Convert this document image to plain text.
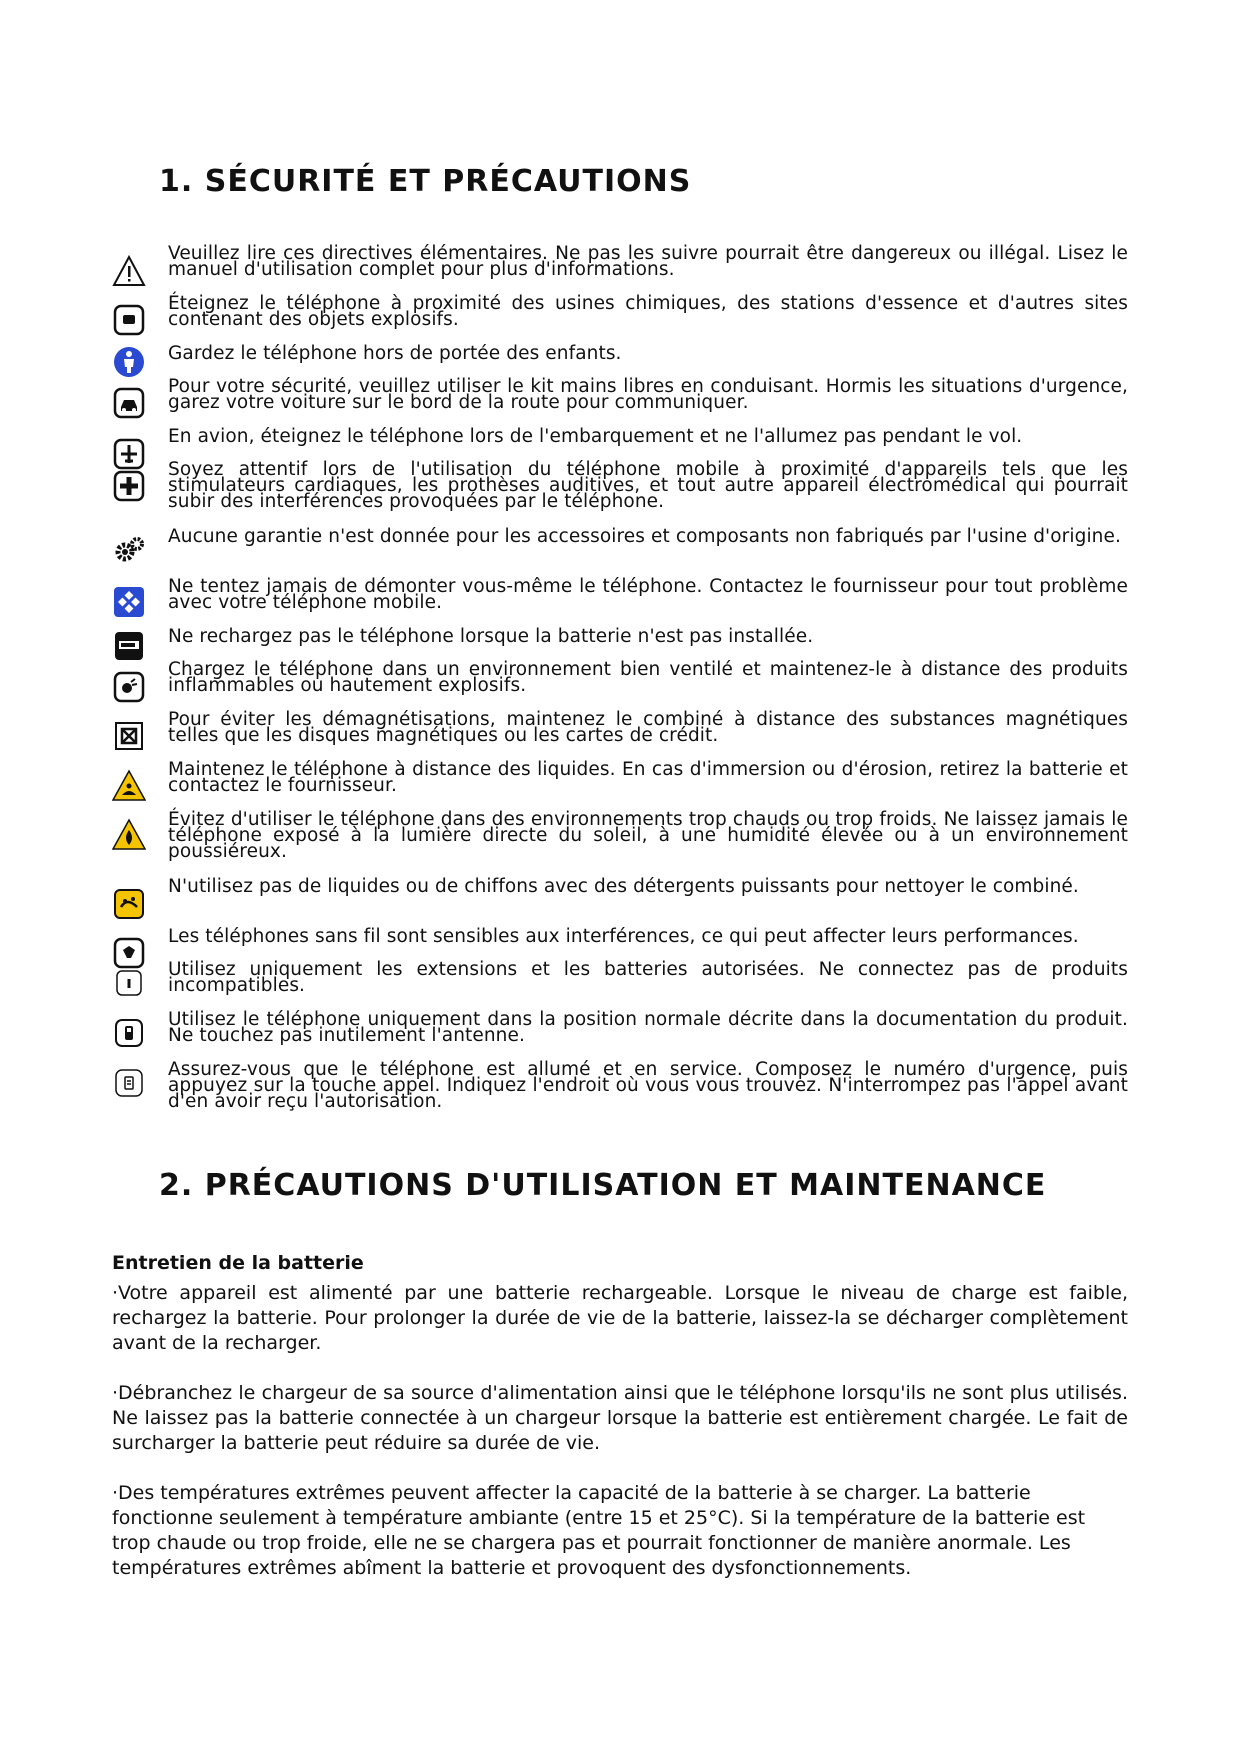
1. SÉCURITÉ ET PRÉCAUTIONS
Veuillez lire ces directives élémentaires. Ne pas les suivre pourrait être dangereux ou illégal. Lisez le manuel d'utilisation complet pour plus d'informations.
Éteignez le téléphone à proximité des usines chimiques, des stations d'essence et d'autres sites contenant des objets explosifs.
Gardez le téléphone hors de portée des enfants.
Pour votre sécurité, veuillez utiliser le kit mains libres en conduisant. Hormis les situations d'urgence, garez votre voiture sur le bord de la route pour communiquer.
En avion, éteignez le téléphone lors de l'embarquement et ne l'allumez pas pendant le vol.
Soyez attentif lors de l'utilisation du téléphone mobile à proximité d'appareils tels que les stimulateurs cardiaques, les prothèses auditives, et tout autre appareil électromédical qui pourrait subir des interférences provoquées par le téléphone.
Aucune garantie n'est donnée pour les accessoires et composants non fabriqués par l'usine d'origine.
Ne tentez jamais de démonter vous-même le téléphone. Contactez le fournisseur pour tout problème avec votre téléphone mobile.
Ne rechargez pas le téléphone lorsque la batterie n'est pas installée.
Chargez le téléphone dans un environnement bien ventilé et maintenez-le à distance des produits inflammables ou hautement explosifs.
Pour éviter les démagnétisations, maintenez le combiné à distance des substances magnétiques telles que les disques magnétiques ou les cartes de crédit.
Maintenez le téléphone à distance des liquides. En cas d'immersion ou d'érosion, retirez la batterie et contactez le fournisseur.
Évitez d'utiliser le téléphone dans des environnements trop chauds ou trop froids. Ne laissez jamais le téléphone exposé à la lumière directe du soleil, à une humidité élevée ou à un environnement poussiéreux.
N'utilisez pas de liquides ou de chiffons avec des détergents puissants pour nettoyer le combiné.
Les téléphones sans fil sont sensibles aux interférences, ce qui peut affecter leurs performances.
Utilisez uniquement les extensions et les batteries autorisées. Ne connectez pas de produits incompatibles.
Utilisez le téléphone uniquement dans la position normale décrite dans la documentation du produit. Ne touchez pas inutilement l'antenne.
Assurez-vous que le téléphone est allumé et en service. Composez le numéro d'urgence, puis appuyez sur la touche appel. Indiquez l'endroit où vous vous trouvez. N'interrompez pas l'appel avant d'en avoir reçu l'autorisation.
2. PRÉCAUTIONS D'UTILISATION ET MAINTENANCE
Entretien de la batterie

·Votre appareil est alimenté par une batterie rechargeable. Lorsque le niveau de charge est faible, rechargez la batterie. Pour prolonger la durée de vie de la batterie, laissez-la se décharger complètement avant de la recharger.

·Débranchez le chargeur de sa source d'alimentation ainsi que le téléphone lorsqu'ils ne sont plus utilisés. Ne laissez pas la batterie connectée à un chargeur lorsque la batterie est entièrement chargée. Le fait de surcharger la batterie peut réduire sa durée de vie.

·Des températures extrêmes peuvent affecter la capacité de la batterie à se charger. La batterie fonctionne seulement à température ambiante (entre 15 et 25°C). Si la température de la batterie est trop chaude ou trop froide, elle ne se chargera pas et pourrait fonctionner de manière anormale. Les températures extrêmes abîment la batterie et provoquent des dysfonctionnements.
